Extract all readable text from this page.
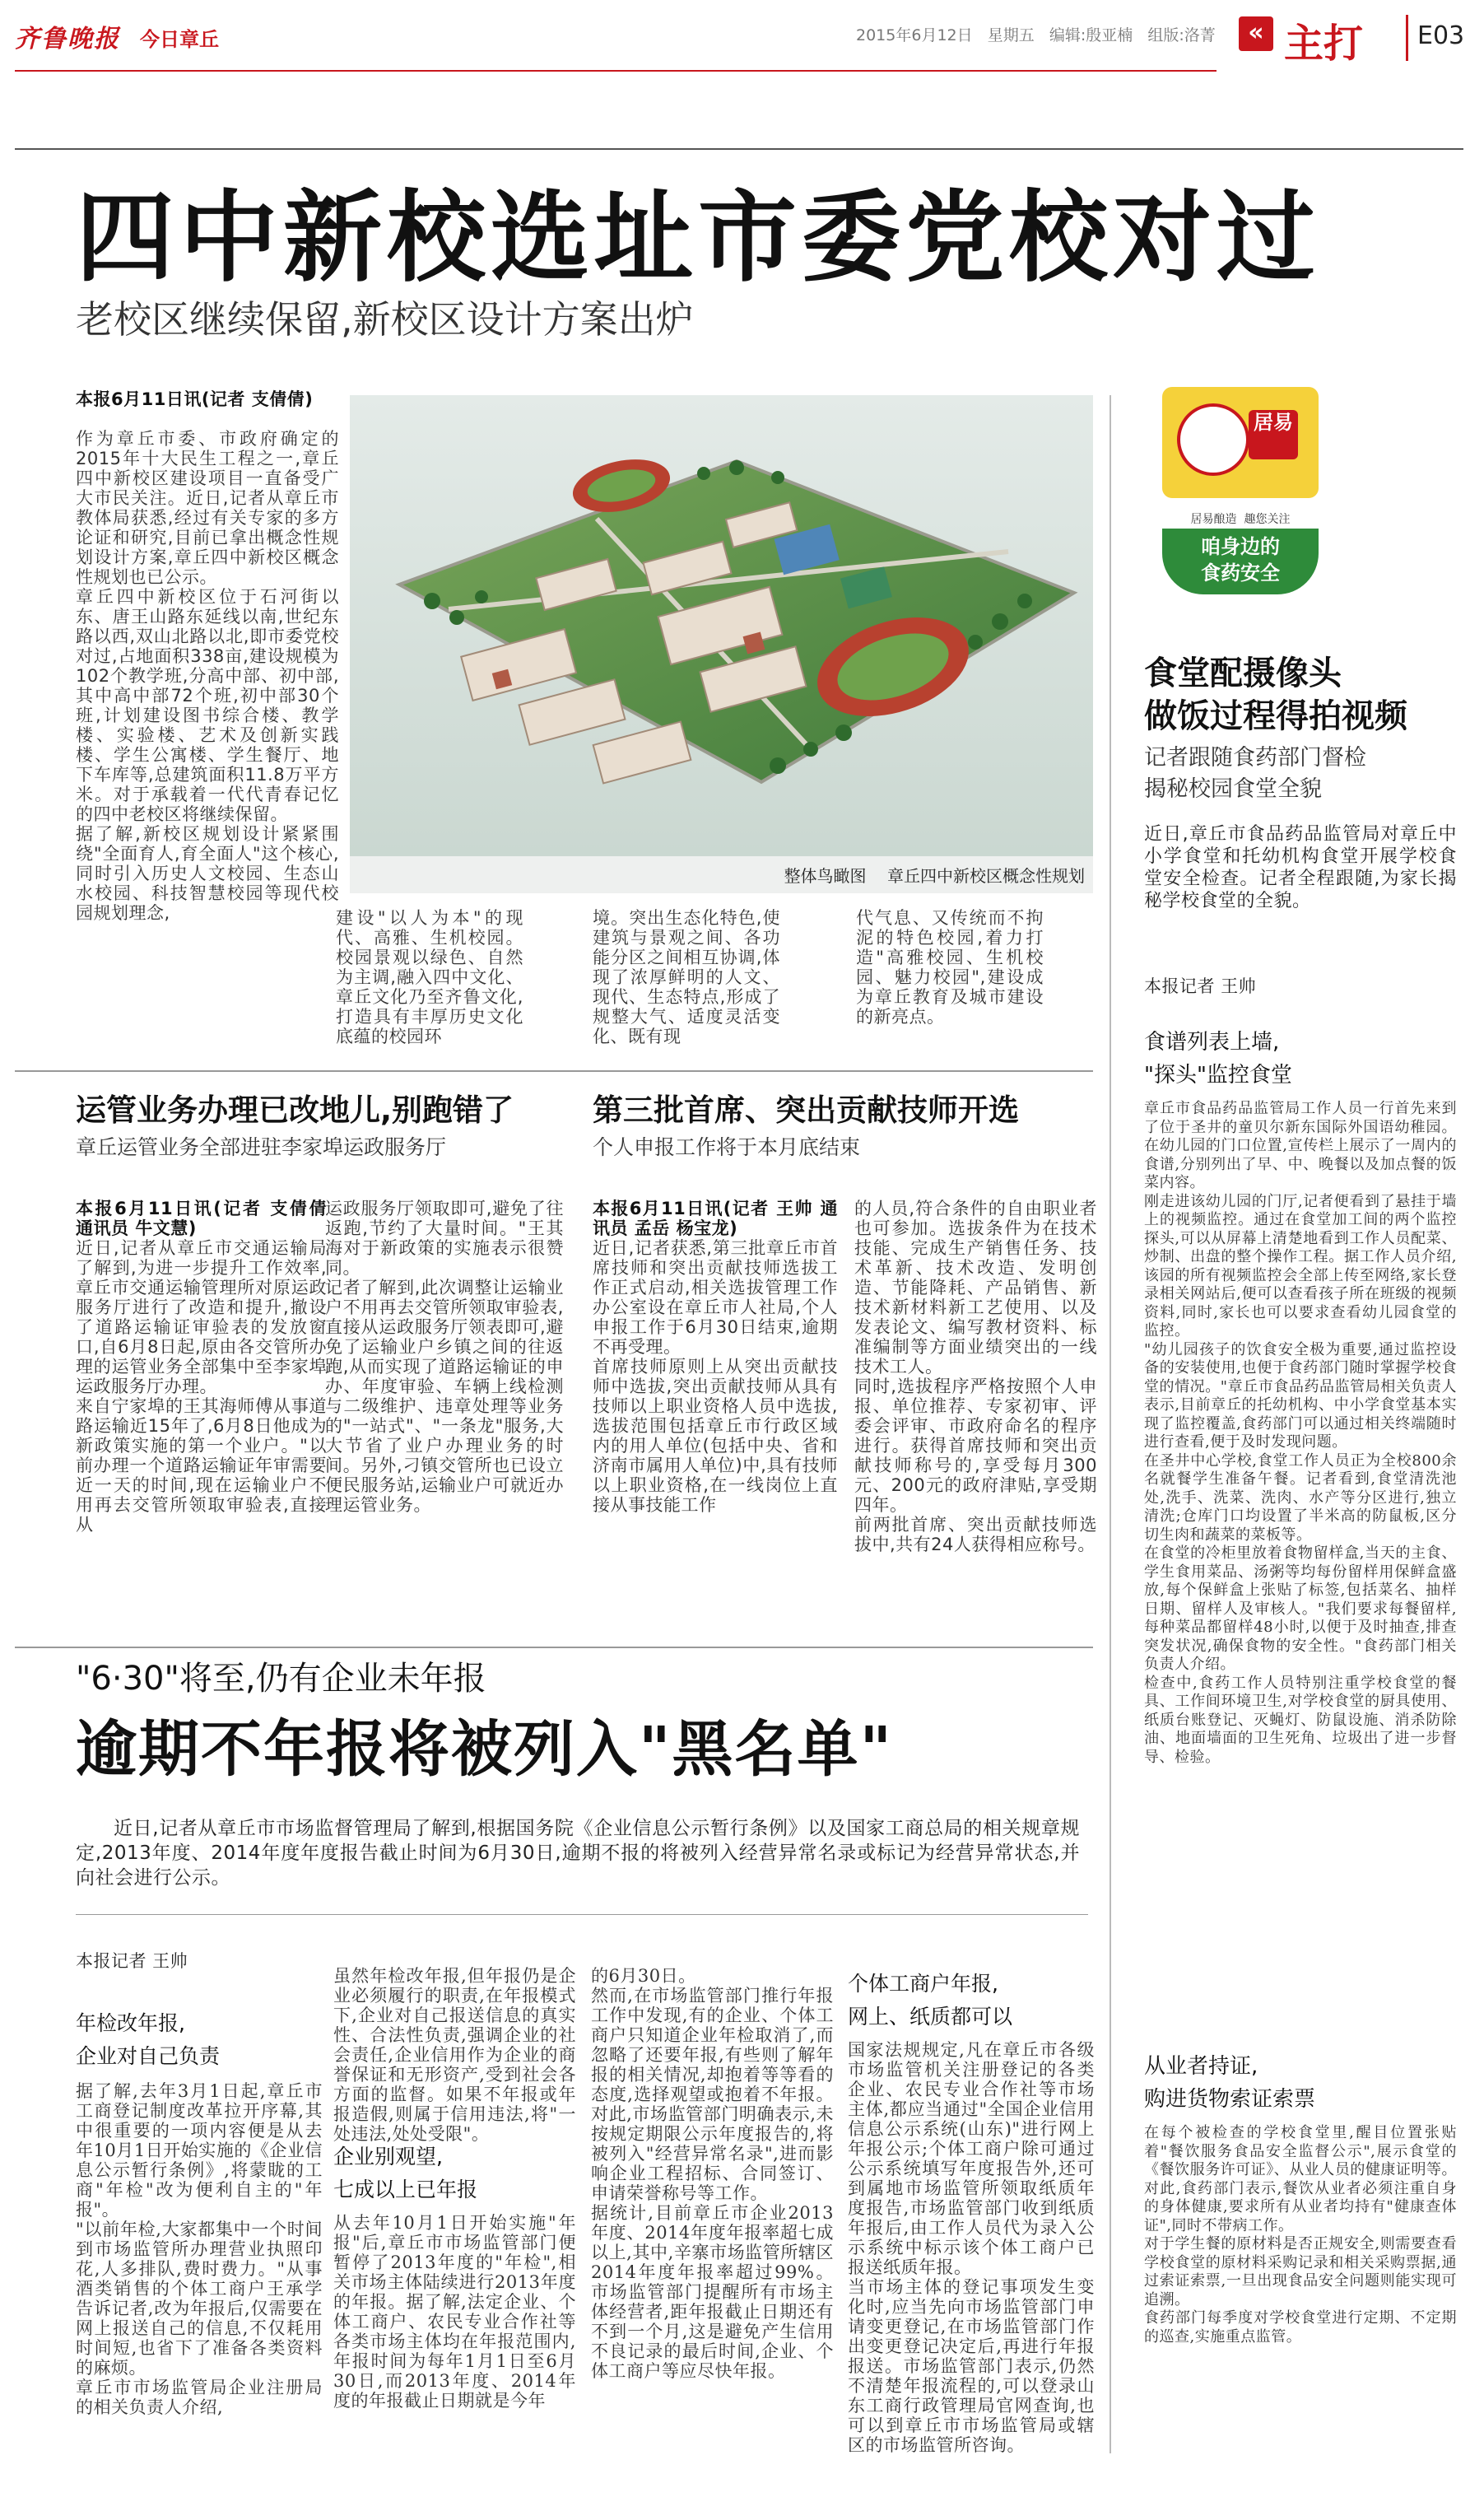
齐鲁晚报 今日章丘	2015年6月12日   星期五   编辑:殷亚楠   组版:洛菁	« 主打 E03
四中新校选址市委党校对过
老校区继续保留,新校区设计方案出炉
本报6月11日讯(记者 支倩倩)
作为章丘市委、市政府确定的2015年十大民生工程之一,章丘四中新校区建设项目一直备受广大市民关注。近日,记者从章丘市教体局获悉,经过有关专家的多方论证和研究,目前已拿出概念性规划设计方案,章丘四中新校区概念性规划也已公示。
章丘四中新校区位于石河街以东、唐王山路东延线以南,世纪东路以西,双山北路以北,即市委党校对过,占地面积338亩,建设规模为102个教学班,分高中部、初中部,其中高中部72个班,初中部30个班,计划建设图书综合楼、教学楼、实验楼、艺术及创新实践楼、学生公寓楼、学生餐厅、地下车库等,总建筑面积11.8万平方米。对于承载着一代代青春记忆的四中老校区将继续保留。
据了解,新校区规划设计紧紧围绕"全面育人,育全面人"这个核心,同时引入历史人文校园、生态山水校园、科技智慧校园等现代校园规划理念,
整体鸟瞰图    章丘四中新校区概念性规划
建设"以人为本"的现代、高雅、生机校园。校园景观以绿色、自然为主调,融入四中文化、章丘文化乃至齐鲁文化,打造具有丰厚历史文化底蕴的校园环
境。突出生态化特色,使建筑与景观之间、各功能分区之间相互协调,体现了浓厚鲜明的人文、现代、生态特点,形成了规整大气、适度灵活变化、既有现
代气息、又传统而不拘泥的特色校园,着力打造"高雅校园、生机校园、魅力校园",建设成为章丘教育及城市建设的新亮点。
居易
居易酿造  趣您关注
咱身边的
食药安全
食堂配摄像头
做饭过程得拍视频
记者跟随食药部门督检
揭秘校园食堂全貌
近日,章丘市食品药品监管局对章丘中小学食堂和托幼机构食堂开展学校食堂安全检查。记者全程跟随,为家长揭秘学校食堂的全貌。
本报记者 王帅
食谱列表上墙,
"探头"监控食堂
章丘市食品药品监管局工作人员一行首先来到了位于圣井的童贝尔新东国际外国语幼稚园。在幼儿园的门口位置,宣传栏上展示了一周内的食谱,分别列出了早、中、晚餐以及加点餐的饭菜内容。
刚走进该幼儿园的门厅,记者便看到了悬挂于墙上的视频监控。通过在食堂加工间的两个监控探头,可以从屏幕上清楚地看到工作人员配菜、炒制、出盘的整个操作工程。据工作人员介绍,该园的所有视频监控会全部上传至网络,家长登录相关网站后,便可以查看孩子所在班级的视频资料,同时,家长也可以要求查看幼儿园食堂的监控。
"幼儿园孩子的饮食安全极为重要,通过监控设备的安装使用,也便于食药部门随时掌握学校食堂的情况。"章丘市食品药品监管局相关负责人表示,目前章丘的托幼机构、中小学食堂基本实现了监控覆盖,食药部门可以通过相关终端随时进行查看,便于及时发现问题。
在圣井中心学校,食堂工作人员正为全校800余名就餐学生准备午餐。记者看到,食堂清洗池处,洗手、洗菜、洗肉、水产等分区进行,独立清洗;仓库门口均设置了半米高的防鼠板,区分切生肉和蔬菜的菜板等。
在食堂的冷柜里放着食物留样盒,当天的主食、学生食用菜品、汤粥等均每份留样用保鲜盒盛放,每个保鲜盒上张贴了标签,包括菜名、抽样日期、留样人及审核人。"我们要求每餐留样,每种菜品都留样48小时,以便于及时抽查,排查突发状况,确保食物的安全性。"食药部门相关负责人介绍。
检查中,食药工作人员特别注重学校食堂的餐具、工作间环境卫生,对学校食堂的厨具使用、纸质台账登记、灭蝇灯、防鼠设施、消杀防除油、地面墙面的卫生死角、垃圾出了进一步督导、检验。
从业者持证,
购进货物索证索票
在每个被检查的学校食堂里,醒目位置张贴着"餐饮服务食品安全监督公示",展示食堂的《餐饮服务许可证》、从业人员的健康证明等。对此,食药部门表示,餐饮从业者必须注重自身的身体健康,要求所有从业者均持有"健康查体证",同时不带病工作。
对于学生餐的原材料是否正规安全,则需要查看学校食堂的原材料采购记录和相关采购票据,通过索证索票,一旦出现食品安全问题则能实现可追溯。
食药部门每季度对学校食堂进行定期、不定期的巡查,实施重点监管。
运管业务办理已改地儿,别跑错了
章丘运管业务全部进驻李家埠运政服务厅
本报6月11日讯(记者 支倩倩 通讯员 牛文慧)
近日,记者从章丘市交通运输局了解到,为进一步提升工作效率,章丘市交通运输管理所对原运政服务厅进行了改造和提升,撤设了道路运输证审验表的发放窗口,自6月8日起,原由各交管所办理的运管业务全部集中至李家埠运政服务厅办理。
来自宁家埠的王其海师傅从事道路运输近15年了,6月8日他成为新政策实施的第一个业户。"以前办理一个道路运输证年审需要近一天的时间,现在运输业户不用再去交管所领取审验表,直接从
运政服务厅领取即可,避免了往返跑,节约了大量时间。"王其海对于新政策的实施表示很赞同。
记者了解到,此次调整让运输业户不用再去交管所领取审验表,直接从运政服务厅领表即可,避免了运输业户乡镇之间的往返跑,从而实现了道路运输证的申办、年度审验、车辆上线检测与二级维护、违章处理等业务的"一站式"、"一条龙"服务,大大节省了业户办理业务的时间。另外,刁镇交管所也已设立便民服务站,运输业户可就近办理运管业务。
第三批首席、突出贡献技师开选
个人申报工作将于本月底结束
本报6月11日讯(记者 王帅 通讯员 孟岳 杨宝龙)
近日,记者获悉,第三批章丘市首席技师和突出贡献技师选拔工作正式启动,相关选拔管理工作办公室设在章丘市人社局,个人申报工作于6月30日结束,逾期不再受理。
首席技师原则上从突出贡献技师中选拔,突出贡献技师从具有技师以上职业资格人员中选拔,选拔范围包括章丘市行政区域内的用人单位(包括中央、省和济南市属用人单位)中,具有技师以上职业资格,在一线岗位上直接从事技能工作
的人员,符合条件的自由职业者也可参加。选拔条件为在技术技能、完成生产销售任务、技术革新、技术改造、发明创造、节能降耗、产品销售、新技术新材料新工艺使用、以及发表论文、编写教材资料、标准编制等方面业绩突出的一线技术工人。
同时,选拔程序严格按照个人申报、单位推荐、专家初审、评委会评审、市政府命名的程序进行。获得首席技师和突出贡献技师称号的,享受每月300元、200元的政府津贴,享受期四年。
前两批首席、突出贡献技师选拔中,共有24人获得相应称号。
"6·30"将至,仍有企业未年报
逾期不年报将被列入"黑名单"
近日,记者从章丘市市场监督管理局了解到,根据国务院《企业信息公示暂行条例》以及国家工商总局的相关规章规定,2013年度、2014年度年度报告截止时间为6月30日,逾期不报的将被列入经营异常名录或标记为经营异常状态,并向社会进行公示。
本报记者 王帅
年检改年报,
企业对自己负责
据了解,去年3月1日起,章丘市工商登记制度改革拉开序幕,其中很重要的一项内容便是从去年10月1日开始实施的《企业信息公示暂行条例》,将蒙眬的工商"年检"改为便利自主的"年报"。
"以前年检,大家都集中一个时间到市场监管所办理营业执照印花,人多排队,费时费力。"从事酒类销售的个体工商户王承学告诉记者,改为年报后,仅需要在网上报送自己的信息,不仅耗用时间短,也省下了准备各类资料的麻烦。
章丘市市场监管局企业注册局的相关负责人介绍,
虽然年检改年报,但年报仍是企业必须履行的职责,在年报模式下,企业对自己报送信息的真实性、合法性负责,强调企业的社会责任,企业信用作为企业的商誉保证和无形资产,受到社会各方面的监督。如果不年报或年报造假,则属于信用违法,将"一处违法,处处受限"。
企业别观望,
七成以上已年报
从去年10月1日开始实施"年报"后,章丘市市场监管部门便暂停了2013年度的"年检",相关市场主体陆续进行2013年度的年报。据了解,法定企业、个体工商户、农民专业合作社等各类市场主体均在年报范围内,年报时间为每年1月1日至6月30日,而2013年度、2014年度的年报截止日期就是今年
的6月30日。
然而,在市场监管部门推行年报工作中发现,有的企业、个体工商户只知道企业年检取消了,而忽略了还要年报,有些则了解年报的相关情况,却抱着等等看的态度,选择观望或抱着不年报。对此,市场监管部门明确表示,未按规定期限公示年度报告的,将被列入"经营异常名录",进而影响企业工程招标、合同签订、申请荣誉称号等工作。
据统计,目前章丘市企业2013年度、2014年度年报率超七成以上,其中,辛寨市场监管所辖区2014年度年报率超过99%。市场监管部门提醒所有市场主体经营者,距年报截止日期还有不到一个月,这是避免产生信用不良记录的最后时间,企业、个体工商户等应尽快年报。
个体工商户年报,
网上、纸质都可以
国家法规规定,凡在章丘市各级市场监管机关注册登记的各类企业、农民专业合作社等市场主体,都应当通过"全国企业信用信息公示系统(山东)"进行网上年报公示;个体工商户除可通过公示系统填写年度报告外,还可到属地市场监管所领取纸质年度报告,市场监管部门收到纸质年报后,由工作人员代为录入公示系统中标示该个体工商户已报送纸质年报。
当市场主体的登记事项发生变化时,应当先向市场监管部门申请变更登记,在市场监管部门作出变更登记决定后,再进行年报报送。市场监管部门表示,仍然不清楚年报流程的,可以登录山东工商行政管理局官网查询,也可以到章丘市市场监管局或辖区的市场监管所咨询。
